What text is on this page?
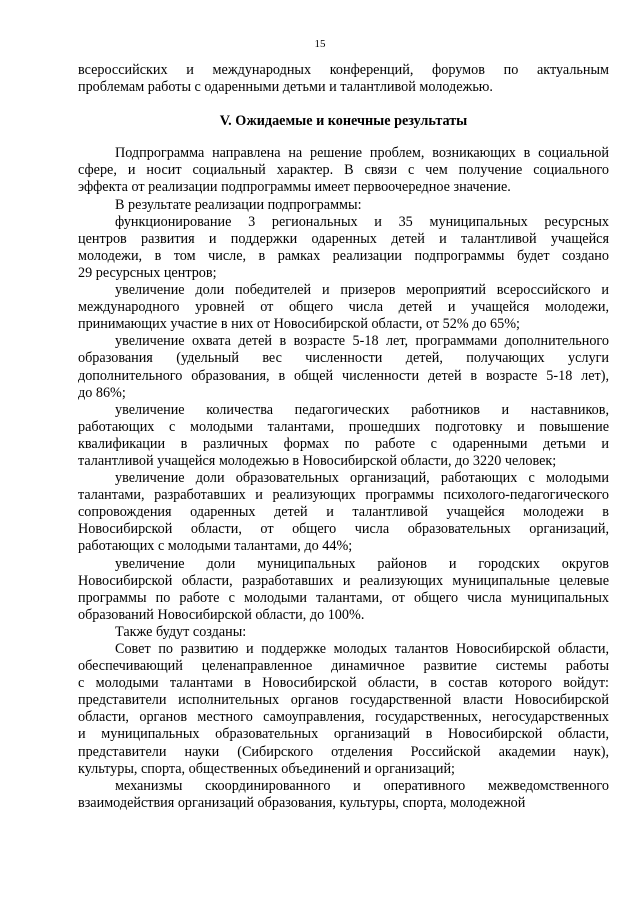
15
всероссийских и международных конференций, форумов по актуальным
проблемам работы с одаренными детьми и талантливой молодежью.
V. Ожидаемые и конечные результаты
Подпрограмма направлена на решение проблем, возникающих в социальной
сфере, и носит социальный характер. В связи с чем получение социального
эффекта от реализации подпрограммы имеет первоочередное значение.
В результате реализации подпрограммы:
функционирование 3 региональных и 35 муниципальных ресурсных
центров развития и поддержки одаренных детей и талантливой учащейся
молодежи, в том числе, в рамках реализации подпрограммы будет создано
29 ресурсных центров;
увеличение доли победителей и призеров мероприятий всероссийского и
международного уровней от общего числа детей и учащейся молодежи,
принимающих участие в них от Новосибирской области, от 52% до 65%;
увеличение охвата детей в возрасте 5-18 лет, программами дополнительного
образования (удельный вес численности детей, получающих услуги
дополнительного образования, в общей численности детей в возрасте 5-18 лет),
до 86%;
увеличение количества педагогических работников и наставников,
работающих с молодыми талантами, прошедших подготовку и повышение
квалификации в различных формах по работе с одаренными детьми и
талантливой учащейся молодежью в Новосибирской области, до 3220 человек;
увеличение доли образовательных организаций, работающих с молодыми
талантами, разработавших и реализующих программы психолого-педагогического
сопровождения одаренных детей и талантливой учащейся молодежи в
Новосибирской области, от общего числа образовательных организаций,
работающих с молодыми талантами, до 44%;
увеличение доли муниципальных районов и городских округов
Новосибирской области, разработавших и реализующих муниципальные целевые
программы по работе с молодыми талантами, от общего числа муниципальных
образований Новосибирской области, до 100%.
Также будут созданы:
Совет по развитию и поддержке молодых талантов Новосибирской области,
обеспечивающий целенаправленное динамичное развитие системы работы
с молодыми талантами в Новосибирской области, в состав которого войдут:
представители исполнительных органов государственной власти Новосибирской
области, органов местного самоуправления, государственных, негосударственных
и муниципальных образовательных организаций в Новосибирской области,
представители науки (Сибирского отделения Российской академии наук),
культуры, спорта, общественных объединений и организаций;
механизмы скоординированного и оперативного межведомственного
взаимодействия организаций образования, культуры, спорта, молодежной
